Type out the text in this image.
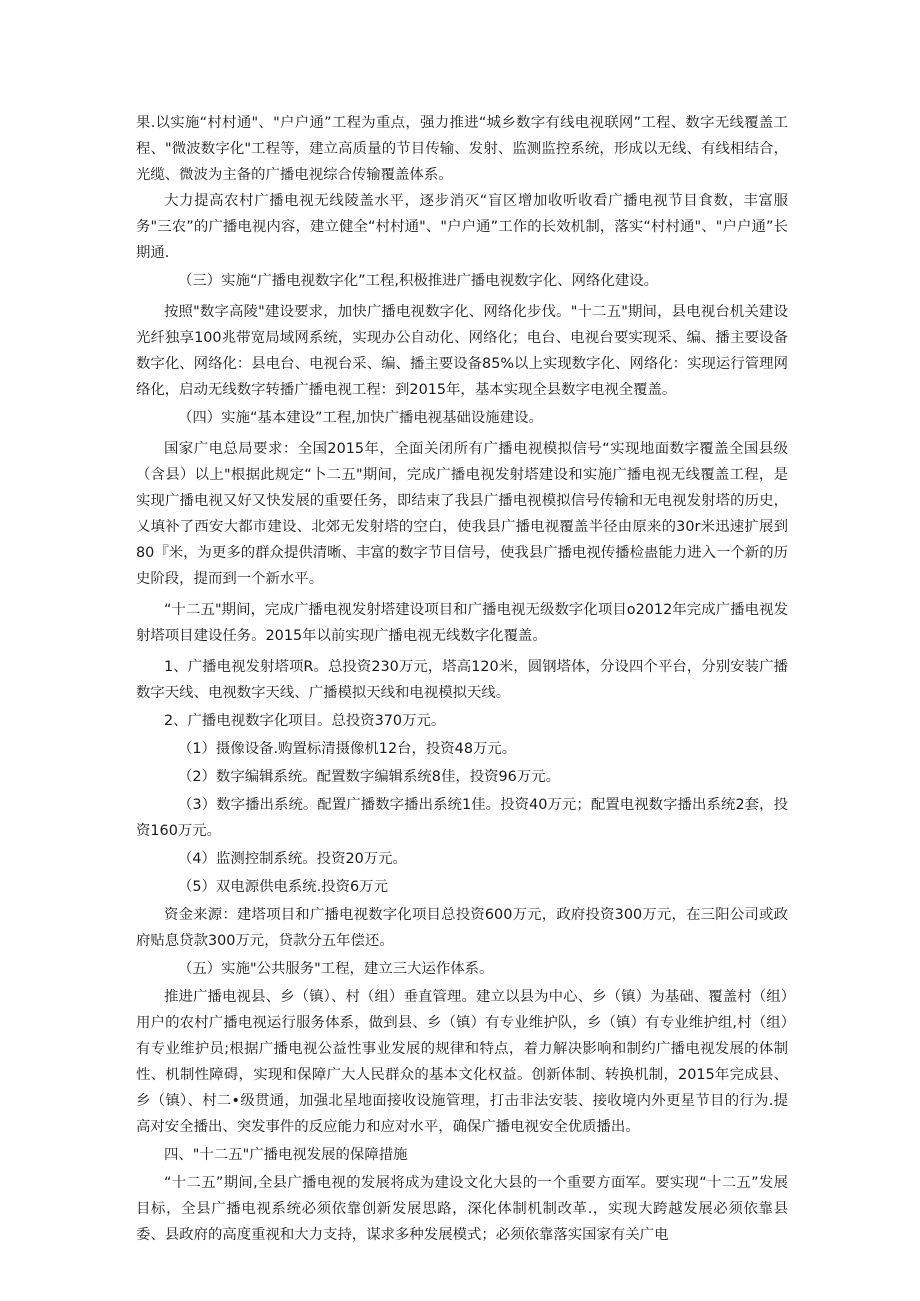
果.以实施“村村通"、"户户通”工程为重点，强力推进“城乡数字有线电视联网”工程、数字无线覆盖工程、"微波数字化"工程等，建立高质量的节目传输、发射、监测监控系统，形成以无线、有线相结合，光缆、微波为主备的广播电视综合传输覆盖体系。

大力提高农村广播电视无线陵盖水平，逐步消灭“盲区增加收听收看广播电视节目食数，丰富服务"三农”的广播电视内容，建立健全“村村通"、"户户通”工作的长效机制，落实“村村通"、"户户通”长期通.

（三）实施“广播电视数字化”工程,积极推进广播电视数字化、网络化建设。

按照"数字高陵"建设要求，加快广播电视数字化、网络化步伐。"十二五"期间，县电视台机关建设光纤独享100兆带宽局域网系统，实现办公自动化、网络化；电台、电视台要实现采、编、播主要设备数字化、网络化：县电台、电视台采、编、播主要设备85%以上实现数字化、网络化：实现运行管理网络化，启动无线数字转播广播电视工程：到2015年，基本实现全县数字电视全覆盖。

（四）实施“基本建设”工程,加快广播电视基础设施建设。

国家广电总局要求：全国2015年，全面关闭所有广播电视模拟信号“实现地面数字覆盖全国县级（含县）以上"根据此规定“卜二五"期间，完成广播电视发射塔建设和实施广播电视无线覆盖工程，是实现广播电视又好又快发展的重要任务，即结束了我县广播电视模拟信号传输和无电视发射塔的历史，乂填补了西安大都市建设、北郊无发射塔的空白，使我县广播电视覆盖半径由原来的30r米迅速扩展到80『米，为更多的群众提供清晰、丰富的数字节目信号，使我县广播电视传播检蛊能力进入一个新的历史阶段，提而到一个新水平。

“十二五"期间，完成广播电视发射塔建设项目和广播电视无级数字化项目o2012年完成广播电视发射塔项目建设任务。2015年以前实现广播电视无线数字化覆盖。

1、广播电视发射塔项R。总投资230万元，塔高120米，圆钢塔体，分设四个平台，分别安装广播数字天线、电视数字天线、广播模拟天线和电视模拟天线。

2、广播电视数字化项目。总投资370万元。

（1）摄像设备.购置标清摄像机12台，投资48万元。

（2）数字编辑系统。配置数字编辑系统8佳，投资96万元。

（3）数字播出系统。配置广播数字播出系统1佳。投资40万元；配置电视数字播出系统2套，投资160万元。

（4）监测控制系统。投资20万元。

（5）双电源供电系统.投资6万元

资金来源：建塔项目和广播电视数字化项目总投资600万元，政府投资300万元，在三阳公司或政府贴息贷款300万元，贷款分五年偿还。

（五）实施"公共服务"工程，建立三大运作体系。

推进广播电视县、乡（镇）、村（组）垂直管理。建立以县为中心、乡（镇）为基础、覆盖村（组）用户的农村广播电视运行服务体系，做到县、乡（镇）有专业维护队，乡（镇）有专业维护组,村（组）有专业维护员;根据广播电视公益性事业发展的规律和特点，着力解决影响和制约广播电视发展的体制性、机制性障碍，实现和保障广大人民群众的基本文化权益。创新体制、转换机制，2015年完成县、乡（镇）、村二•级贯通，加强北星地面接收设施管理，打击非法安装、接收境内外更星节目的行为.提高对安全播出、突发事件的反应能力和应对水平，确保广播电视安全优质播出。

四、"十二五"广播电视发展的保障措施

“十二五”期间,全县广播电视的发展将成为建设文化大县的一个重要方面军。要实现“十二五”发展目标，全县广播电视系统必须依靠创新发展思路，深化体制机制改革.，实现大跨越发展必须依靠县委、县政府的高度重视和大力支持，谋求多种发展模式；必须依靠落实国家有关广电
